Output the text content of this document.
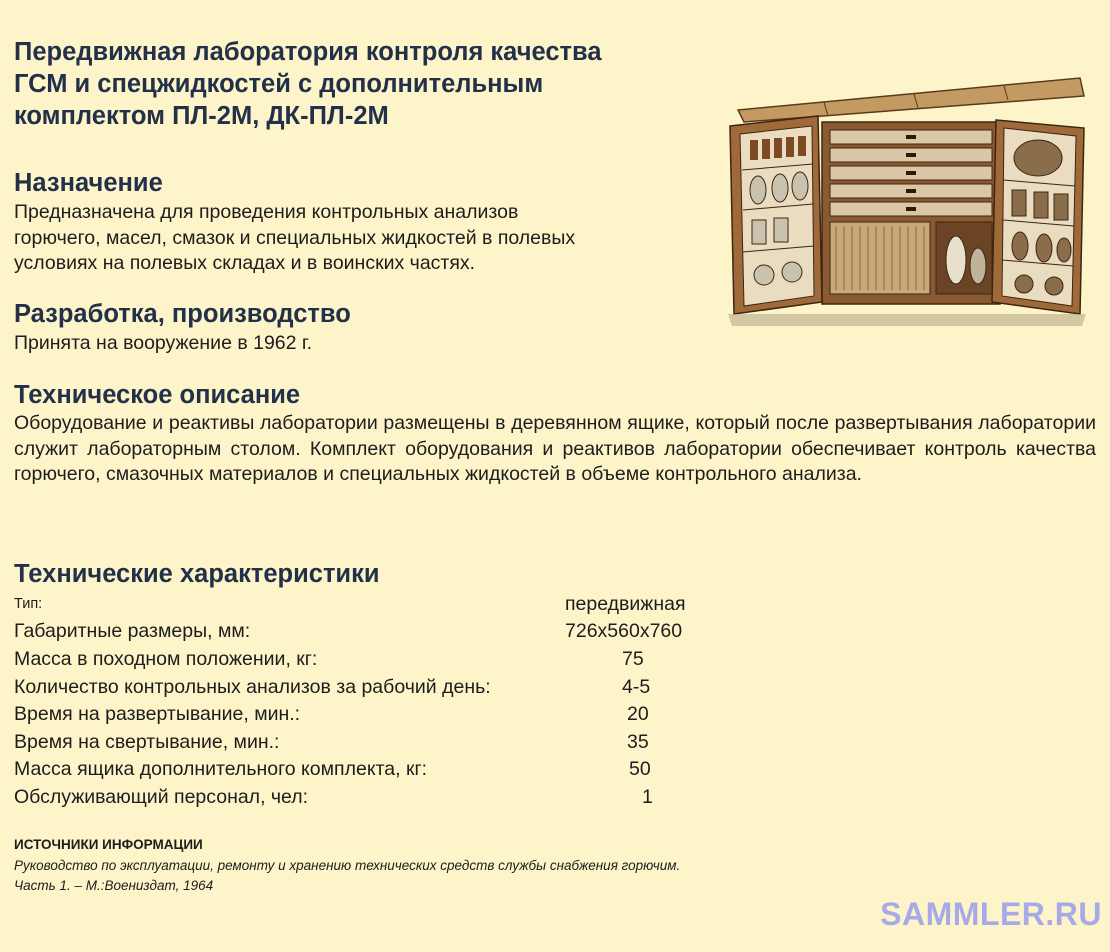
Передвижная лаборатория контроля качества
ГСМ и спецжидкостей с дополнительным
комплектом ПЛ-2М, ДК-ПЛ-2М
Назначение

Предназначена для проведения контрольных анализов
горючего, масел, смазок и специальных жидкостей в полевых
условиях на полевых складах и в воинских частях.

Разработка, производство

Принята на вооружение в 1962 г.

Техническое описание

Оборудование и реактивы лаборатории размещены в деревянном ящике, который после развертывания лаборатории служит лабораторным столом. Комплект оборудования и реактивов лаборатории обеспечивает контроль качества горючего, смазочных материалов и специальных жидкостей в объеме контрольного анализа.

Технические характеристики
Тип:	передвижная
Габаритные размеры, мм:	726х560х760
Масса в походном положении, кг:	75
Количество контрольных анализов за рабочий день:	4-5
Время на развертывание, мин.:	20
Время на свертывание, мин.:	35
Масса ящика дополнительного комплекта, кг:	50
Обслуживающий персонал, чел:	1
ИСТОЧНИКИ ИНФОРМАЦИИ
Руководство по эксплуатации, ремонту и хранению технических средств службы снабжения горючим.
Часть 1. – М.:Воениздат, 1964
SAMMLER.RU
